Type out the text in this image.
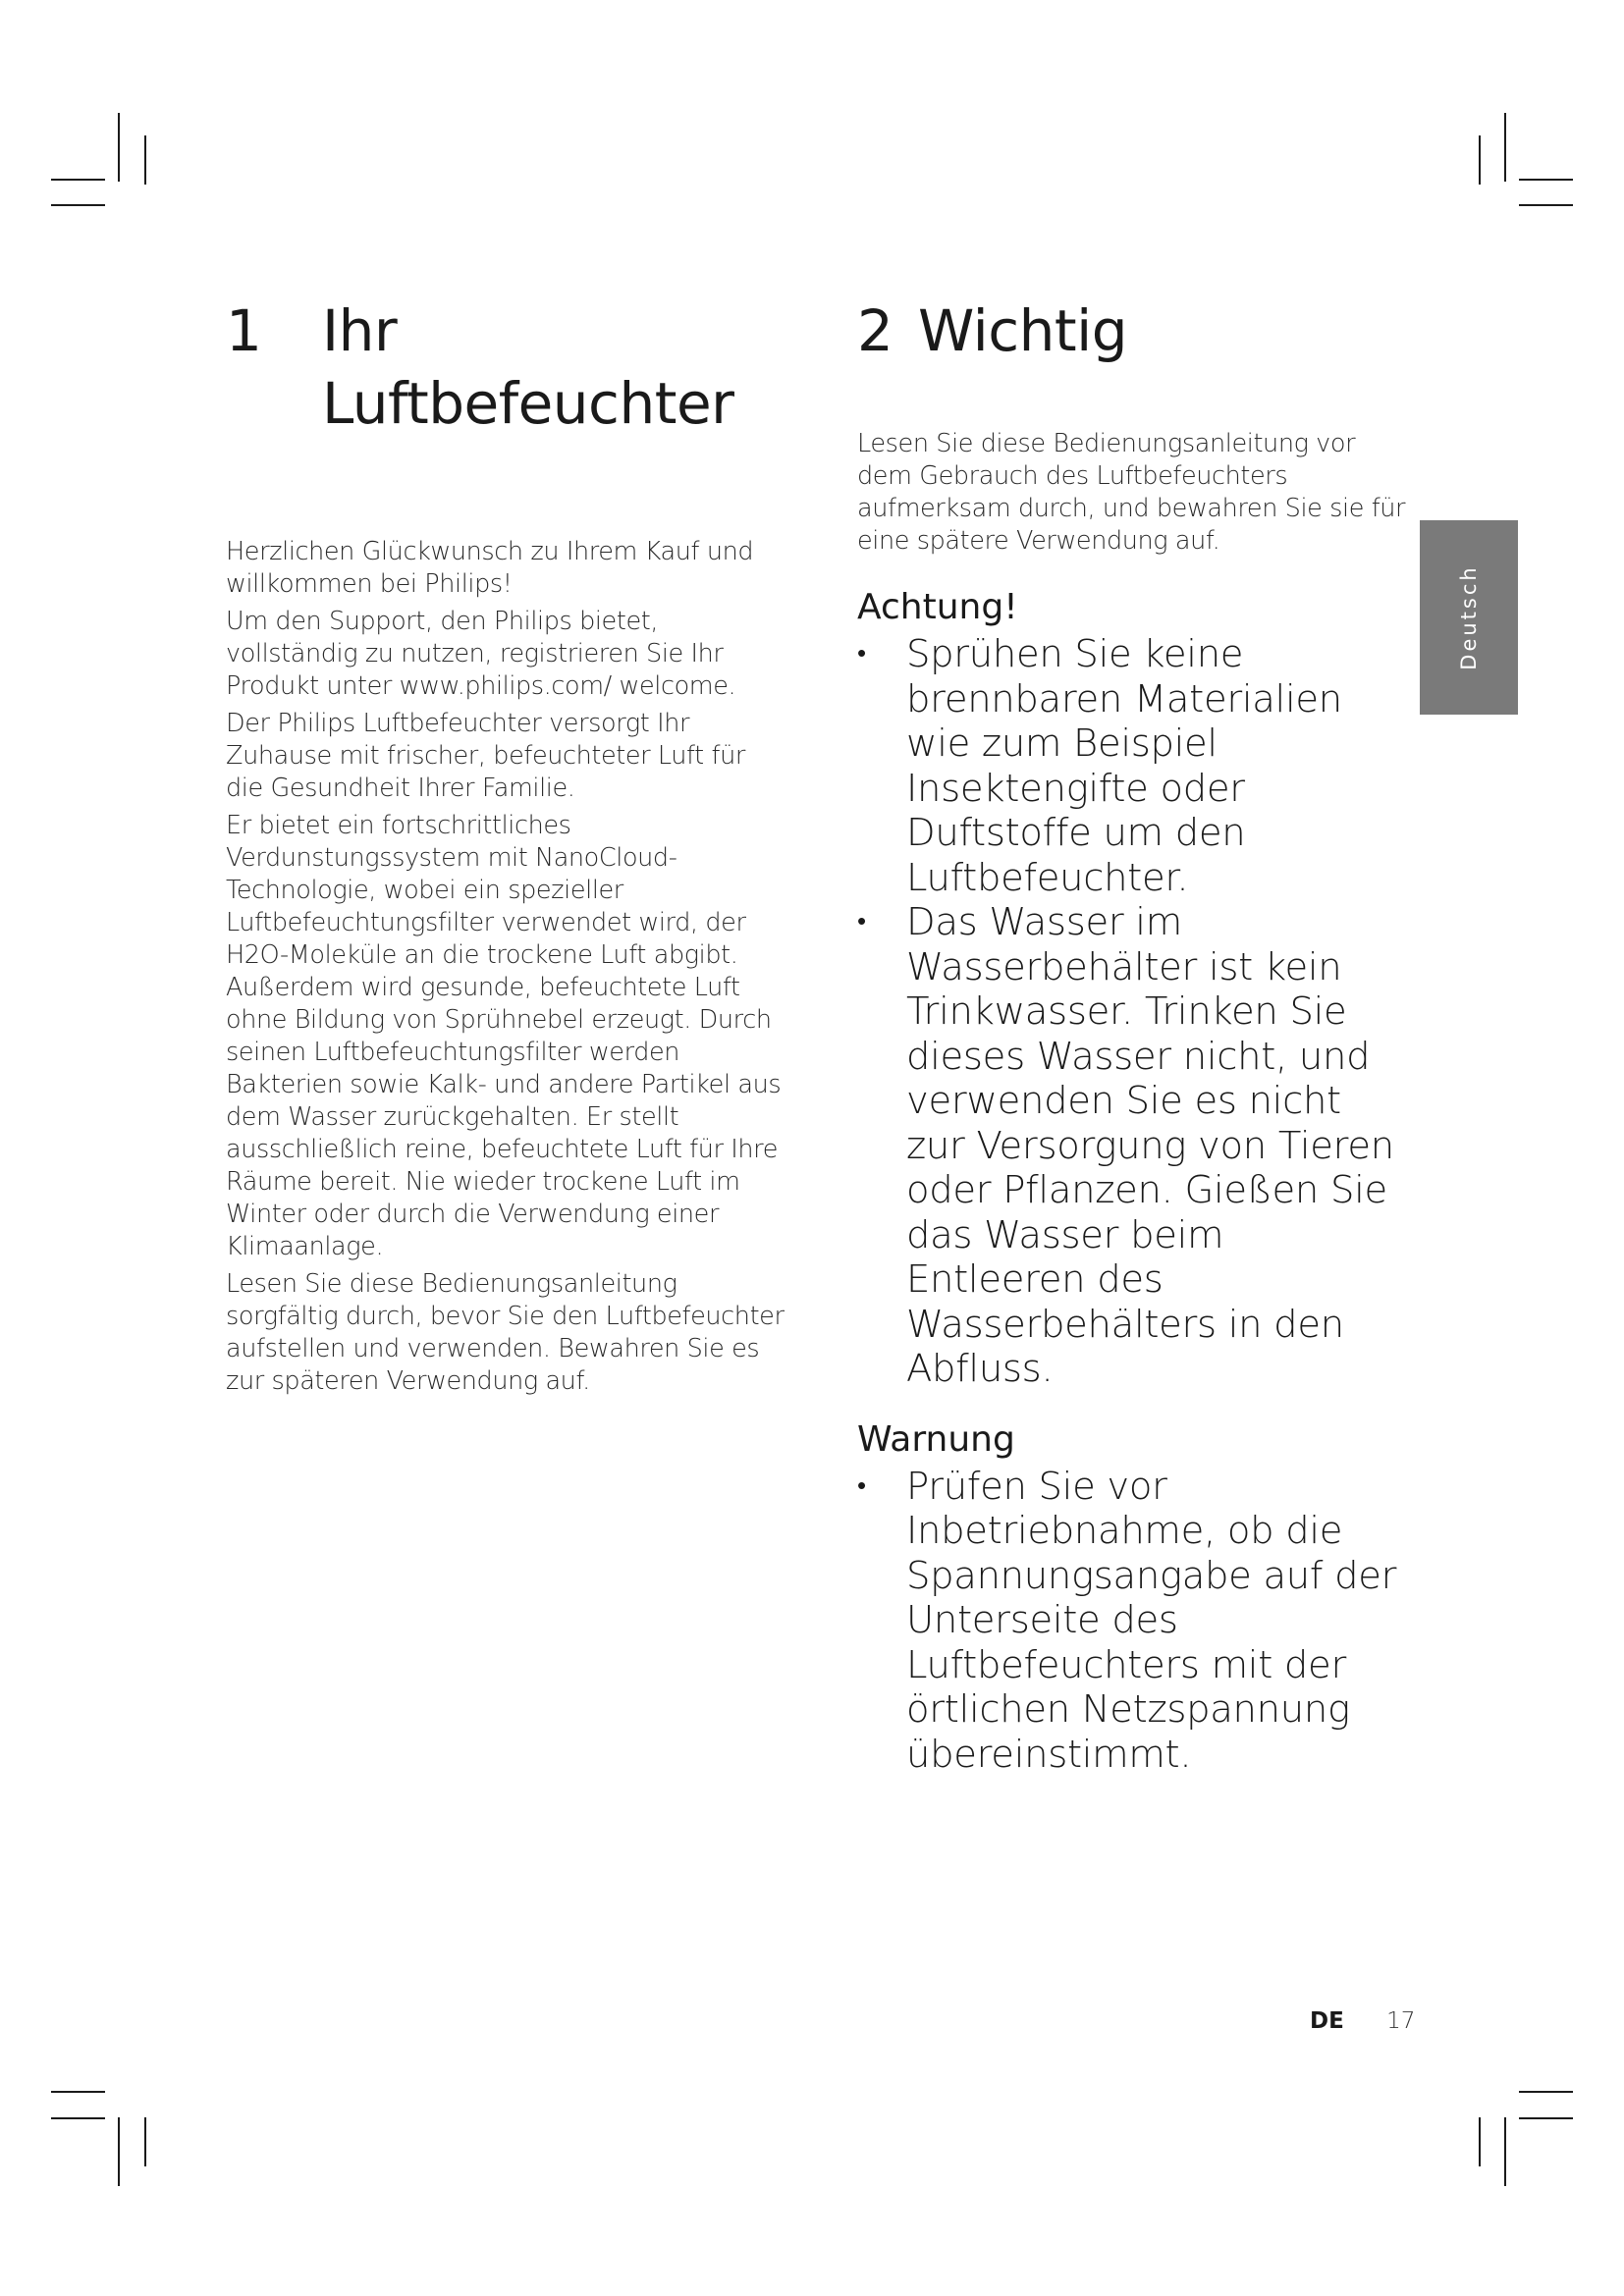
1	Ihr Luftbefeuchter

Herzlichen Glückwunsch zu Ihrem Kauf und willkommen bei Philips!

Um den Support, den Philips bietet, vollständig zu nutzen, registrieren Sie Ihr Produkt unter www.philips.com/ welcome.

Der Philips Luftbefeuchter versorgt Ihr Zuhause mit frischer, befeuchteter Luft für die Gesundheit Ihrer Familie.

Er bietet ein fortschrittliches Verdunstungssystem mit NanoCloud-Technologie, wobei ein spezieller Luftbefeuchtungsfilter verwendet wird, der H2O-Moleküle an die trockene Luft abgibt. Außerdem wird gesunde, befeuchtete Luft ohne Bildung von Sprühnebel erzeugt. Durch seinen Luftbefeuchtungsfilter werden Bakterien sowie Kalk- und andere Partikel aus dem Wasser zurückgehalten. Er stellt ausschließlich reine, befeuchtete Luft für Ihre Räume bereit. Nie wieder trockene Luft im Winter oder durch die Verwendung einer Klimaanlage.

Lesen Sie diese Bedienungsanleitung sorgfältig durch, bevor Sie den Luftbefeuchter aufstellen und verwenden. Bewahren Sie es zur späteren Verwendung auf.

2 Wichtig

Lesen Sie diese Bedienungsanleitung vor dem Gebrauch des Luftbefeuchters aufmerksam durch, und bewahren Sie sie für eine spätere Verwendung auf.

Achtung!
•	Sprühen Sie keine brennbaren Materialien wie zum Beispiel Insektengifte oder Duftstoffe um den Luftbefeuchter.
•	Das Wasser im Wasserbehälter ist kein Trinkwasser. Trinken Sie dieses Wasser nicht, und verwenden Sie es nicht zur Versorgung von Tieren oder Pflanzen. Gießen Sie das Wasser beim Entleeren des Wasserbehälters in den Abfluss.
Warnung
•	Prüfen Sie vor Inbetriebnahme, ob die Spannungsangabe auf der Unterseite des Luftbefeuchters mit der örtlichen Netzspannung übereinstimmt.
Deutsch
DE 17
